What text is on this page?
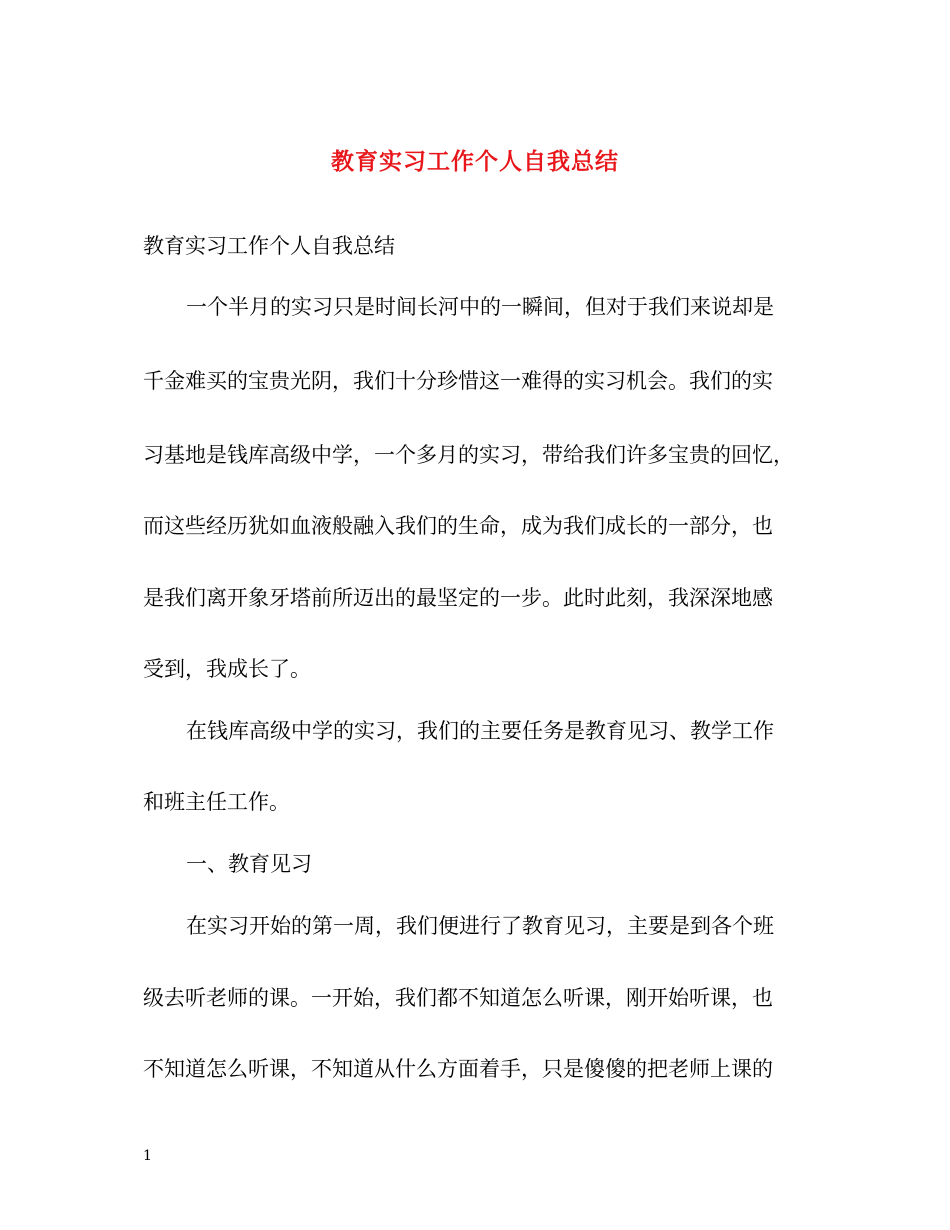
教育实习工作个人自我总结
教育实习工作个人自我总结
一个半月的实习只是时间长河中的一瞬间，但对于我们来说却是
千金难买的宝贵光阴，我们十分珍惜这一难得的实习机会。我们的实
习基地是钱库高级中学，一个多月的实习，带给我们许多宝贵的回忆，
而这些经历犹如血液般融入我们的生命，成为我们成长的一部分，也
是我们离开象牙塔前所迈出的最坚定的一步。此时此刻，我深深地感
受到，我成长了。
在钱库高级中学的实习，我们的主要任务是教育见习、教学工作
和班主任工作。
一、教育见习
在实习开始的第一周，我们便进行了教育见习，主要是到各个班
级去听老师的课。一开始，我们都不知道怎么听课，刚开始听课，也
不知道怎么听课，不知道从什么方面着手，只是傻傻的把老师上课的
1
